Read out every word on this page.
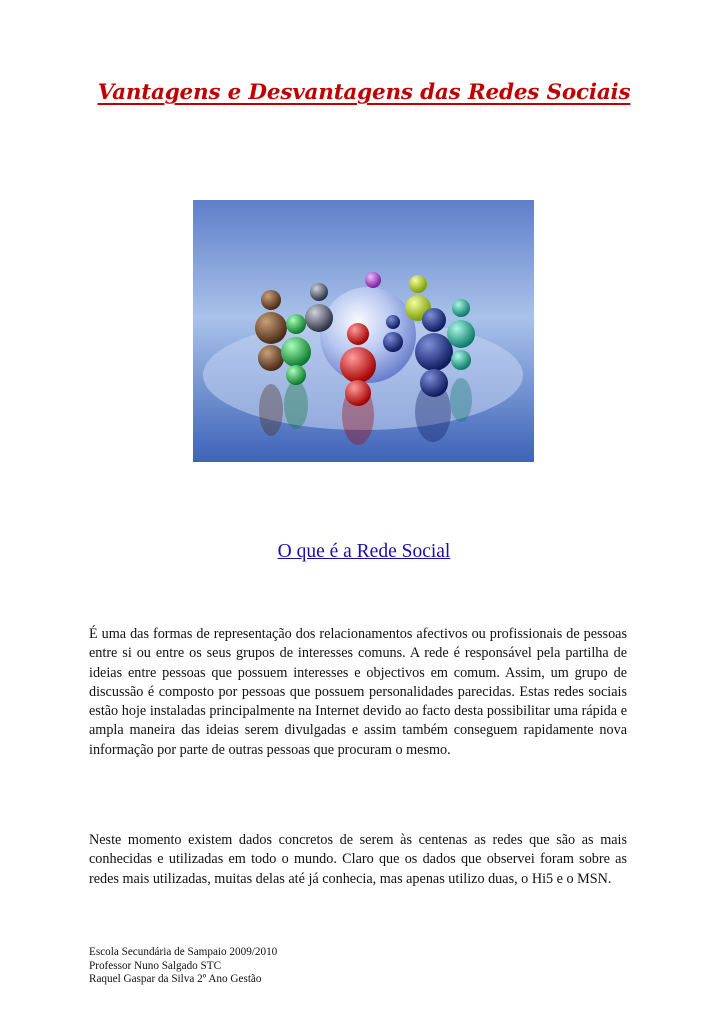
Vantagens e Desvantagens das Redes Sociais
O que é a Rede Social

É uma das formas de representação dos relacionamentos afectivos ou profissionais de pessoas entre si ou entre os seus grupos de interesses comuns. A rede é responsável pela partilha de ideias entre pessoas que possuem interesses e objectivos em comum. Assim, um grupo de discussão é composto por pessoas que possuem personalidades parecidas. Estas redes sociais estão hoje instaladas principalmente na Internet devido ao facto desta possibilitar uma rápida e ampla maneira das ideias serem divulgadas e assim também conseguem rapidamente nova informação por parte de outras pessoas que procuram o mesmo.

Neste momento existem dados concretos de serem às centenas as redes que são as mais conhecidas e utilizadas em todo o mundo. Claro que os dados que observei foram sobre as redes mais utilizadas, muitas delas até já conhecia, mas apenas utilizo duas, o Hi5 e o MSN.

Escola Secundária de Sampaio 2009/2010
Professor Nuno Salgado STC
Raquel Gaspar da Silva 2º Ano Gestão
